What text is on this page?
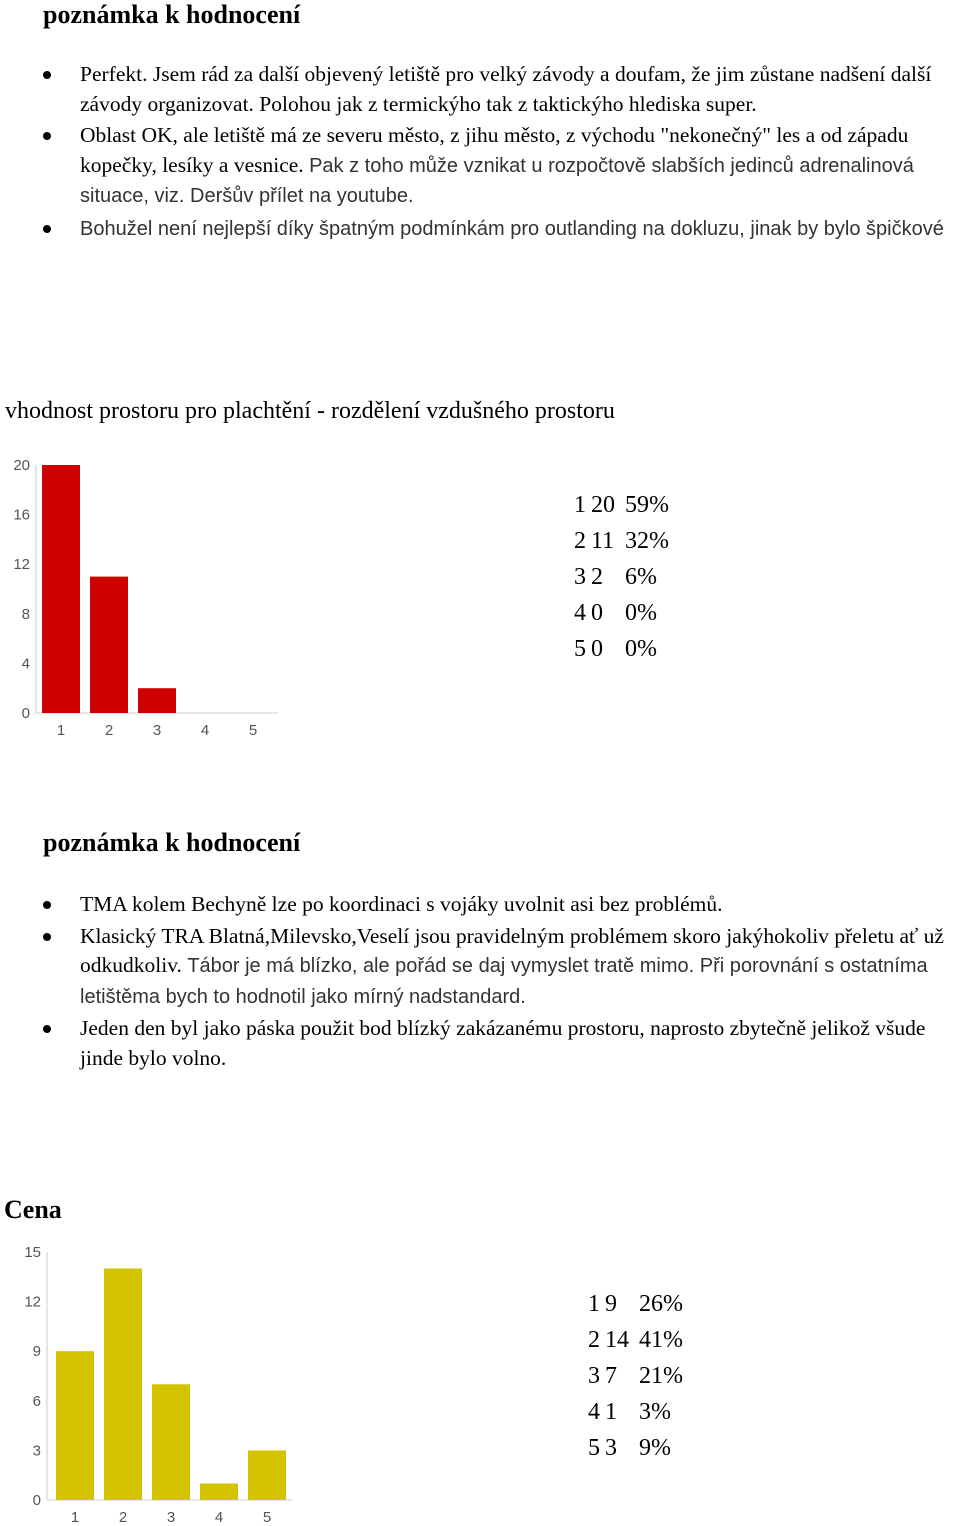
poznámka k hodnocení
Perfekt. Jsem rád za další objevený letiště pro velký závody a doufam, že jim zůstane nadšení další závody organizovat. Polohou jak z termickýho tak z taktickýho hlediska super.
Oblast OK, ale letiště má ze severu město, z jihu město, z východu "nekonečný" les a od západu kopečky, lesíky a vesnice. Pak z toho může vznikat u rozpočtově slabších jedinců adrenalinová situace, viz. Deršův přílet na youtube.
Bohužel není nejlepší díky špatným podmínkám pro outlanding na dokluzu, jinak by bylo špičkové
vhodnost prostoru pro plachtění - rozdělení vzdušného prostoru
0
4
8
12
16
20
1	2	3	4	5
1 20 59%
2 11 32%
3 2 6%
4 0 0%
5 0 0%
poznámka k hodnocení
TMA kolem Bechyně lze po koordinaci s vojáky uvolnit asi bez problémů.
Klasický TRA Blatná,Milevsko,Veselí jsou pravidelným problémem skoro jakýhokoliv přeletu ať už odkudkoliv. Tábor je má blízko, ale pořád se daj vymyslet tratě mimo. Při porovnání s ostatníma letištěma bych to hodnotil jako mírný nadstandard.
Jeden den byl jako páska použit bod blízký zakázanému prostoru, naprosto zbytečně jelikož všude jinde bylo volno.
Cena
0
3
6
9
12
15
1	2	3	4	5
1 9 26%
2 14 41%
3 7 21%
4 1 3%
5 3 9%
